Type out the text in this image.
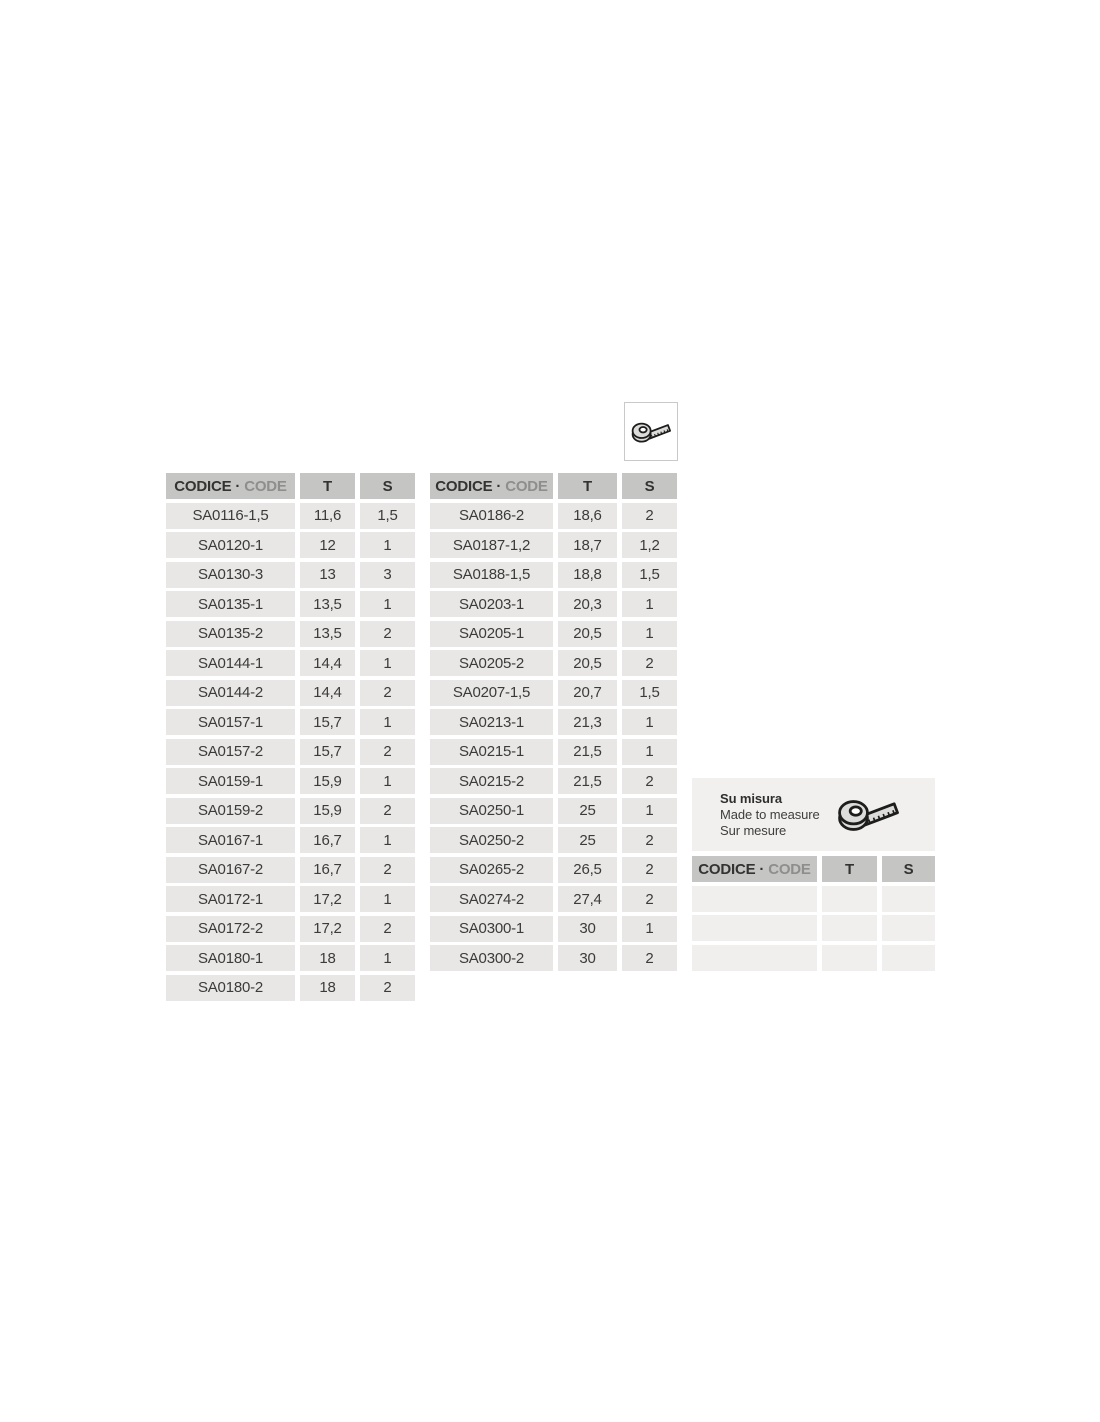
CODICE · CODE	T	S
SA0116-1,5	11,6	1,5
SA0120-1	12	1
SA0130-3	13	3
SA0135-1	13,5	1
SA0135-2	13,5	2
SA0144-1	14,4	1
SA0144-2	14,4	2
SA0157-1	15,7	1
SA0157-2	15,7	2
SA0159-1	15,9	1
SA0159-2	15,9	2
SA0167-1	16,7	1
SA0167-2	16,7	2
SA0172-1	17,2	1
SA0172-2	17,2	2
SA0180-1	18	1
SA0180-2	18	2
CODICE · CODE	T	S
SA0186-2	18,6	2
SA0187-1,2	18,7	1,2
SA0188-1,5	18,8	1,5
SA0203-1	20,3	1
SA0205-1	20,5	1
SA0205-2	20,5	2
SA0207-1,5	20,7	1,5
SA0213-1	21,3	1
SA0215-1	21,5	1
SA0215-2	21,5	2
SA0250-1	25	1
SA0250-2	25	2
SA0265-2	26,5	2
SA0274-2	27,4	2
SA0300-1	30	1
SA0300-2	30	2
Su misura
Made to measure
Sur mesure
CODICE · CODE	T	S
